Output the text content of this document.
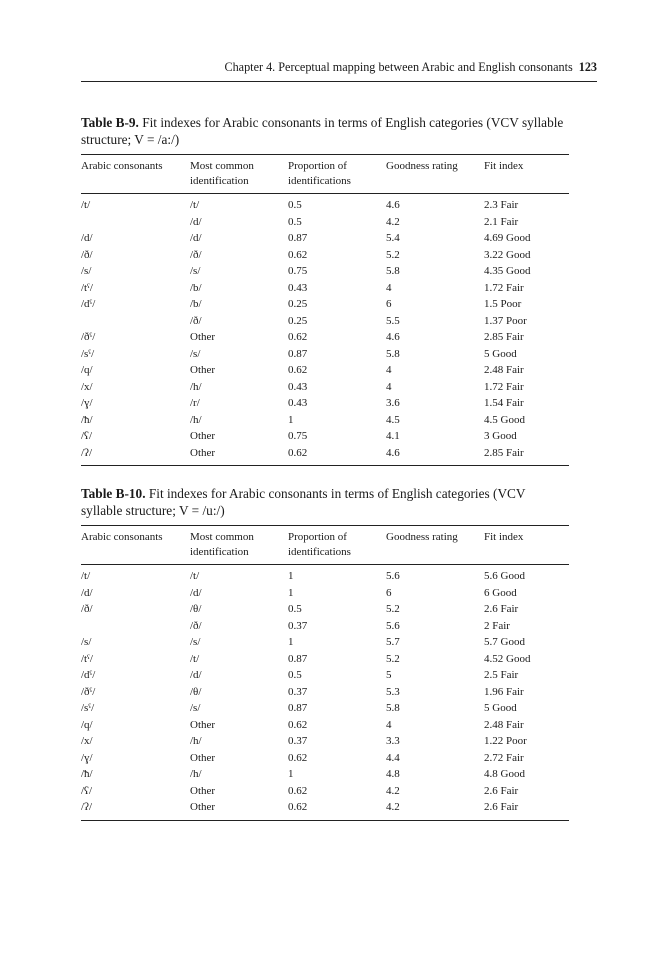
Chapter 4. Perceptual mapping between Arabic and English consonants 123

Table B-9. Fit indexes for Arabic consonants in terms of English categories (VCV syllable structure; V = /a:/)

Arabic consonants	Most common identification	Proportion of identifications	Goodness rating	Fit index
/t/	/t/	0.5	4.6	2.3 Fair
	/d/	0.5	4.2	2.1 Fair
/d/	/d/	0.87	5.4	4.69 Good
/ð/	/ð/	0.62	5.2	3.22 Good
/s/	/s/	0.75	5.8	4.35 Good
/tˤ/	/b/	0.43	4	1.72 Fair
/dˤ/	/b/	0.25	6	1.5 Poor
	/ð/	0.25	5.5	1.37 Poor
/ðˤ/	Other	0.62	4.6	2.85 Fair
/sˤ/	/s/	0.87	5.8	5 Good
/q/	Other	0.62	4	2.48 Fair
/x/	/h/	0.43	4	1.72 Fair
/ɣ/	/r/	0.43	3.6	1.54 Fair
/ħ/	/h/	1	4.5	4.5 Good
/ʕ/	Other	0.75	4.1	3 Good
/ʔ/	Other	0.62	4.6	2.85 Fair

Table B-10. Fit indexes for Arabic consonants in terms of English categories (VCV syllable structure; V = /u:/)

Arabic consonants	Most common identification	Proportion of identifications	Goodness rating	Fit index
/t/	/t/	1	5.6	5.6 Good
/d/	/d/	1	6	6 Good
/ð/	/θ/	0.5	5.2	2.6 Fair
	/ð/	0.37	5.6	2 Fair
/s/	/s/	1	5.7	5.7 Good
/tˤ/	/t/	0.87	5.2	4.52 Good
/dˤ/	/d/	0.5	5	2.5 Fair
/ðˤ/	/θ/	0.37	5.3	1.96 Fair
/sˤ/	/s/	0.87	5.8	5 Good
/q/	Other	0.62	4	2.48 Fair
/x/	/h/	0.37	3.3	1.22 Poor
/ɣ/	Other	0.62	4.4	2.72 Fair
/ħ/	/h/	1	4.8	4.8 Good
/ʕ/	Other	0.62	4.2	2.6 Fair
/ʔ/	Other	0.62	4.2	2.6 Fair
